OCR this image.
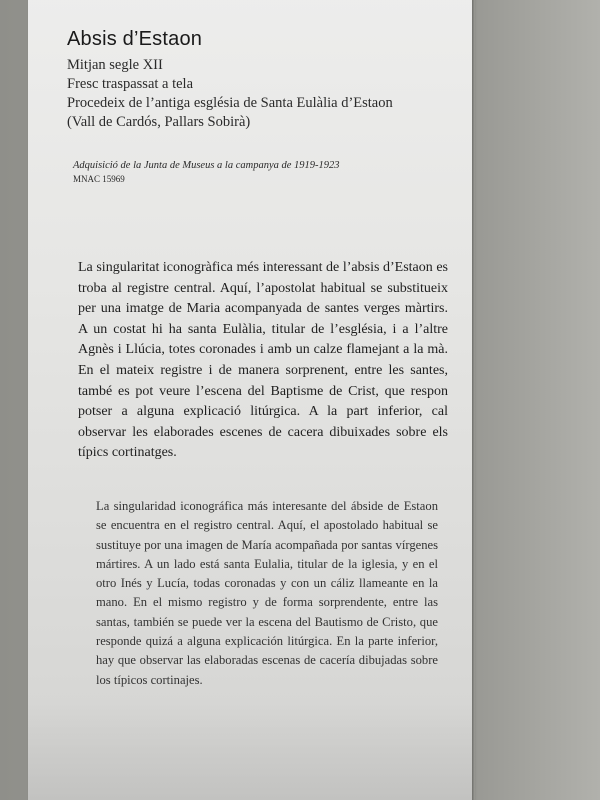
Absis d’Estaon
Mitjan segle XII
Fresc traspassat a tela
Procedeix de l’antiga església de Santa Eulàlia d’Estaon
(Vall de Cardós, Pallars Sobirà)
Adquisició de la Junta de Museus a la campanya de 1919-1923
MNAC 15969
La singularitat iconogràfica més interessant de l’absis d’Estaon es troba al registre central. Aquí, l’apostolat habitual se substitueix per una imatge de Maria acompanyada de santes verges màrtirs. A un costat hi ha santa Eulàlia, titular de l’església, i a l’altre Agnès i Llúcia, totes coronades i amb un calze flamejant a la mà. En el mateix registre i de manera sorprenent, entre les santes, també es pot veure l’escena del Baptisme de Crist, que respon potser a alguna explicació litúrgica. A la part inferior, cal observar les elaborades escenes de cacera dibuixades sobre els típics cortinatges.
La singularidad iconográfica más interesante del ábside de Estaon se encuentra en el registro central. Aquí, el apostolado habitual se sustituye por una imagen de María acompañada por santas vírgenes mártires. A un lado está santa Eulalia, titular de la iglesia, y en el otro Inés y Lucía, todas coronadas y con un cáliz llameante en la mano. En el mismo registro y de forma sorprendente, entre las santas, también se puede ver la escena del Bautismo de Cristo, que responde quizá a alguna explicación litúrgica. En la parte inferior, hay que observar las elaboradas escenas de cacería dibujadas sobre los típicos cortinajes.
